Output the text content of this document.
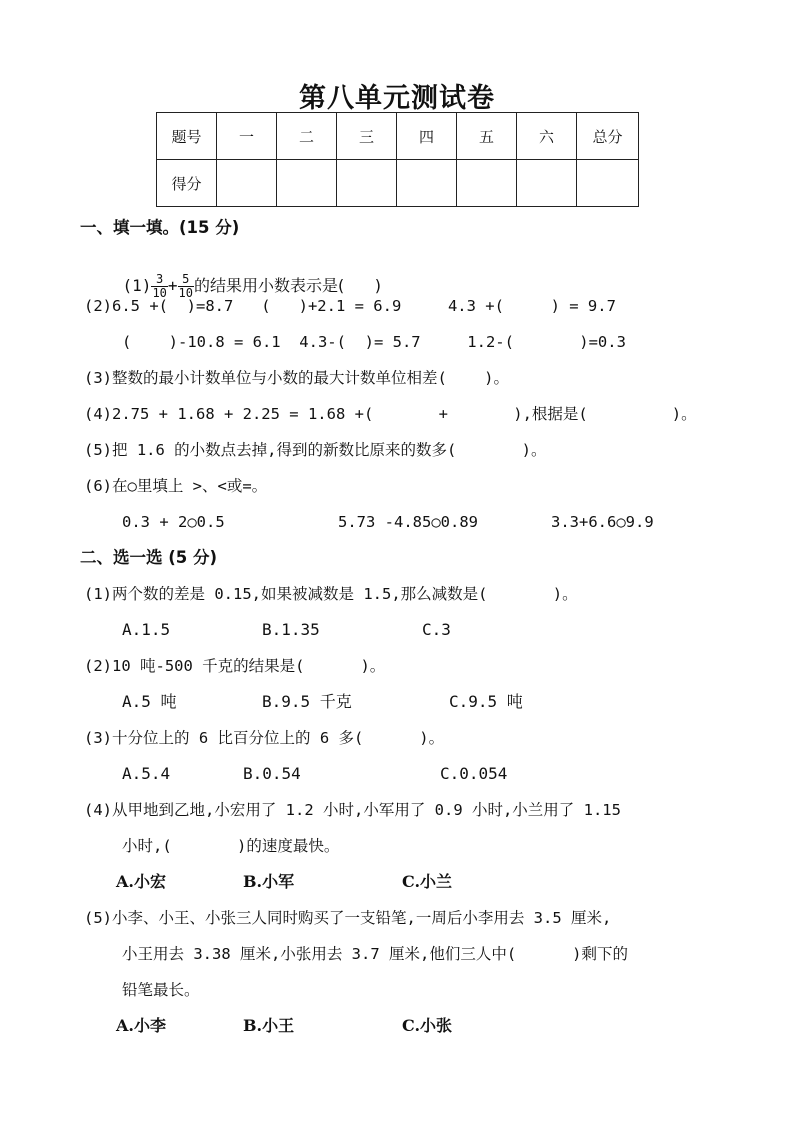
第八单元测试卷
题号	一	二	三	四	五	六	总分
得分							
一、填一填。(15 分)

$(1) \frac{3}{10} + \frac{5}{10}$ 的结果用小数表示是(      )

(2)6.5 +(  )=8.7   (   )+2.1 = 6.9     4.3 +(     ) = 9.7
(    )-10.8 = 6.1  4.3-(  )= 5.7     1.2-(       )=0.3
(3)整数的最小计数单位与小数的最大计数单位相差(    )。
(4)2.75 + 1.68 + 2.25 = 1.68 +(       +       ),根据是(         )。
(5)把 1.6 的小数点去掉,得到的新数比原来的数多(       )。
(6)在○里填上 >、<或=。
0.3 + 2○0.5	5.73 -4.85○0.89	3.3+6.6○9.9
二、选一选 (5 分)
(1)两个数的差是 0.15,如果被减数是 1.5,那么减数是(       )。
A.1.5	B.1.35	C.3
(2)10 吨-500 千克的结果是(      )。
A.5 吨	B.9.5 千克	C.9.5 吨
(3)十分位上的 6 比百分位上的 6 多(      )。
A.5.4	B.0.54	C.0.054
(4)从甲地到乙地,小宏用了 1.2 小时,小军用了 0.9 小时,小兰用了 1.15
小时,(       )的速度最快。
A.小宏	B.小军	C.小兰
(5)小李、小王、小张三人同时购买了一支铅笔,一周后小李用去 3.5 厘米,
小王用去 3.38 厘米,小张用去 3.7 厘米,他们三人中(      )剩下的
铅笔最长。
A.小李	B.小王	C.小张
